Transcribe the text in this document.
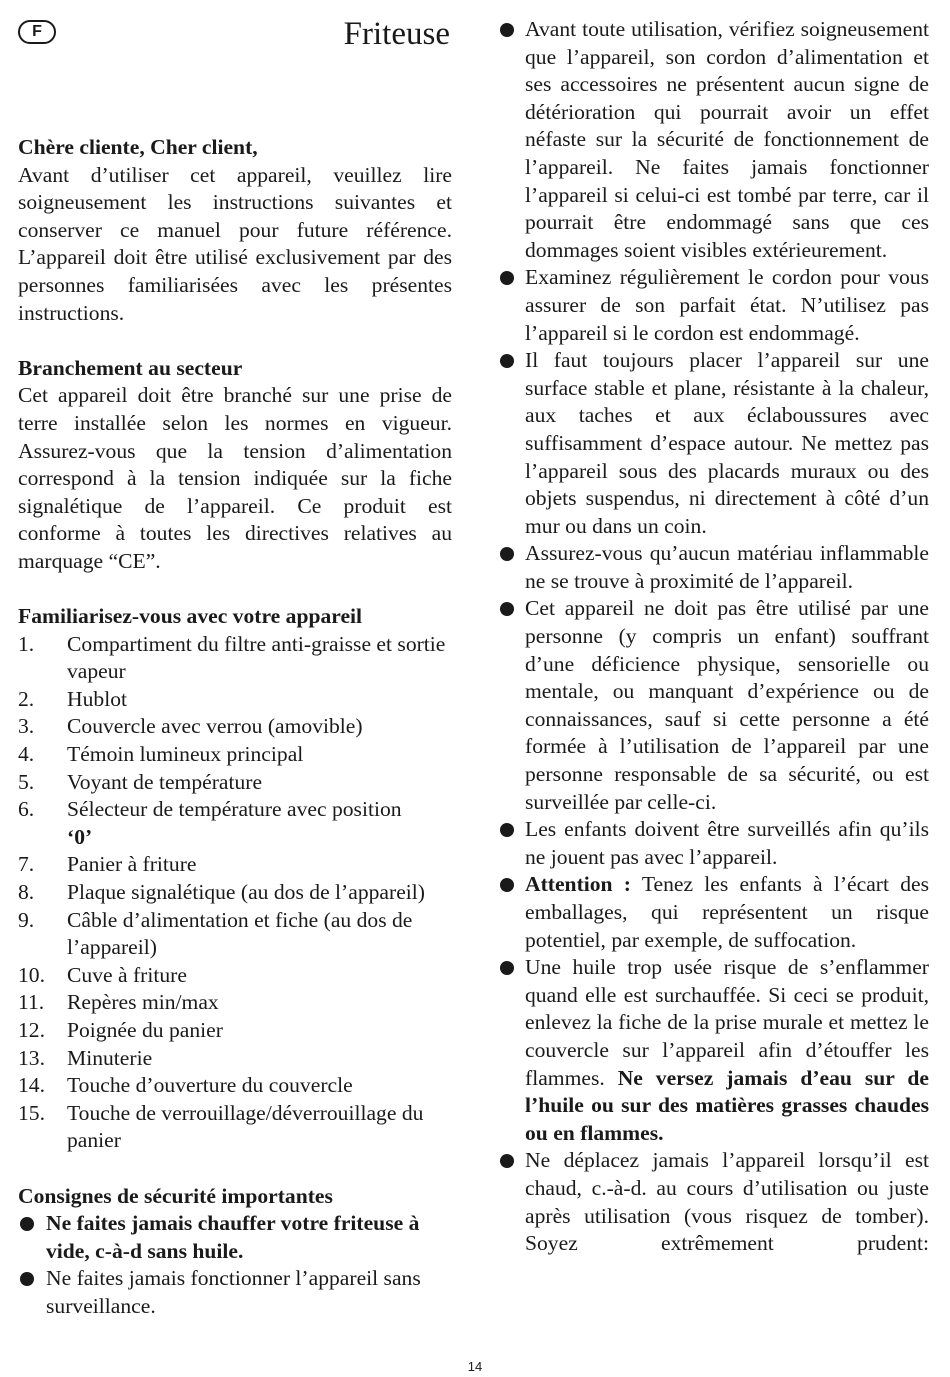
F	Friteuse
Chère cliente, Cher client,

Avant d’utiliser cet appareil, veuillez lire soigneusement les instructions suivantes et conserver ce manuel pour future référence. L’appareil doit être utilisé exclusivement par des personnes familiarisées avec les présentes instructions.

Branchement au secteur

Cet appareil doit être branché sur une prise de terre installée selon les normes en vigueur. Assurez-vous que la tension d’alimentation correspond à la tension indiquée sur la fiche signalétique de l’appareil. Ce produit est conforme à toutes les directives relatives au marquage “CE”.

Familiarisez-vous avec votre appareil
1.	Compartiment du filtre anti-graisse et sortie vapeur
2.	Hublot
3.	Couvercle avec verrou (amovible)
4.	Témoin lumineux principal
5.	Voyant de température
6.	Sélecteur de température avec position
‘0’
7.	Panier à friture
8.	Plaque signalétique (au dos de l’appareil)
9.	Câble d’alimentation et fiche (au dos de l’appareil)
10.	Cuve à friture
11.	Repères min/max
12.	Poignée du panier
13.	Minuterie
14.	Touche d’ouverture du couvercle
15.	Touche de verrouillage/déverrouillage du panier
Consignes de sécurité importantes
Ne faites jamais chauffer votre friteuse à vide, c-à-d sans huile.
Ne faites jamais fonctionner l’appareil sans surveillance.
Avant toute utilisation, vérifiez soigneusement que l’appareil, son cordon d’alimentation et ses accessoires ne présentent aucun signe de détérioration qui pourrait avoir un effet néfaste sur la sécurité de fonctionnement de l’appareil. Ne faites jamais fonctionner l’appareil si celui-ci est tombé par terre, car il pourrait être endommagé sans que ces dommages soient visibles extérieurement.
Examinez régulièrement le cordon pour vous assurer de son parfait état. N’utilisez pas l’appareil si le cordon est endommagé.
Il faut toujours placer l’appareil sur une surface stable et plane, résistante à la chaleur, aux taches et aux éclaboussures avec suffisamment d’espace autour. Ne mettez pas l’appareil sous des placards muraux ou des objets suspendus, ni directement à côté d’un mur ou dans un coin.
Assurez-vous qu’aucun matériau inflammable ne se trouve à proximité de l’appareil.
Cet appareil ne doit pas être utilisé par une personne (y compris un enfant) souffrant d’une déficience physique, sensorielle ou mentale, ou manquant d’expérience ou de connaissances, sauf si cette personne a été formée à l’utilisation de l’appareil par une personne responsable de sa sécurité, ou est surveillée par celle-ci.
Les enfants doivent être surveillés afin qu’ils ne jouent pas avec l’appareil.
Attention : Tenez les enfants à l’écart des emballages, qui représentent un risque potentiel, par exemple, de suffocation.
Une huile trop usée risque de s’enflammer quand elle est surchauffée. Si ceci se produit, enlevez la fiche de la prise murale et mettez le couvercle sur l’appareil afin d’étouffer les flammes. Ne versez jamais d’eau sur de l’huile ou sur des matières grasses chaudes ou en flammes.
Ne déplacez jamais l’appareil lorsqu’il est chaud, c.-à-d. au cours d’utilisation ou juste après utilisation (vous risquez de tomber). Soyez extrêmement prudent:
14
